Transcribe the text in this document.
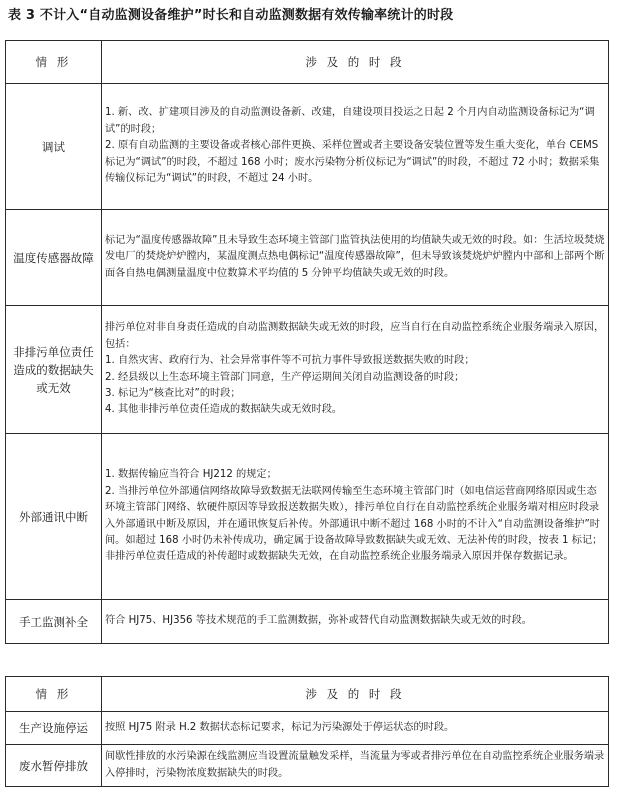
表 3 不计入“自动监测设备维护”时长和自动监测数据有效传输率统计的时段
情 形	涉 及 的 时 段
调试	1. 新、改、扩建项目涉及的自动监测设备新、改建，自建设项目投运之日起 2 个月内自动监测设备标记为“调试”的时段；
2. 原有自动监测的主要设备或者核心部件更换、采样位置或者主要设备安装位置等发生重大变化，单台 CEMS 标记为“调试”的时段，不超过 168 小时；废水污染物分析仪标记为“调试”的时段，不超过 72 小时；数据采集传输仪标记为“调试”的时段，不超过 24 小时。

温度传感器故障	标记为“温度传感器故障”且未导致生态环境主管部门监管执法使用的均值缺失或无效的时段。如：生活垃圾焚烧发电厂的焚烧炉炉膛内，某温度测点热电偶标记“温度传感器故障”，但未导致该焚烧炉炉膛内中部和上部两个断面各自热电偶测量温度中位数算术平均值的 5 分钟平均值缺失或无效的时段。

非排污单位责任造成的数据缺失或无效	排污单位对非自身责任造成的自动监测数据缺失或无效的时段，应当自行在自动监控系统企业服务端录入原因，包括：
1. 自然灾害、政府行为、社会异常事件等不可抗力事件导致报送数据失败的时段；
2. 经县级以上生态环境主管部门同意，生产停运期间关闭自动监测设备的时段；
3. 标记为“核查比对”的时段；
4. 其他非排污单位责任造成的数据缺失或无效时段。

外部通讯中断	1. 数据传输应当符合 HJ212 的规定；
2. 当排污单位外部通信网络故障导致数据无法联网传输至生态环境主管部门时（如电信运营商网络原因或生态环境主管部门网络、软硬件原因等导致报送数据失败），排污单位自行在自动监控系统企业服务端对相应时段录入外部通讯中断及原因，并在通讯恢复后补传。外部通讯中断不超过 168 小时的不计入“自动监测设备维护”时间。如超过 168 小时仍未补传成功，确定属于设备故障导致数据缺失或无效、无法补传的时段，按表 1 标记；非排污单位责任造成的补传超时或数据缺失无效，在自动监控系统企业服务端录入原因并保存数据记录。

手工监测补全	符合 HJ75、HJ356 等技术规范的手工监测数据，弥补或替代自动监测数据缺失或无效的时段。
情 形	涉 及 的 时 段
生产设施停运	按照 HJ75 附录 H.2 数据状态标记要求，标记为污染源处于停运状态的时段。

废水暂停排放	间歇性排放的水污染源在线监测应当设置流量触发采样，当流量为零或者排污单位在自动监控系统企业服务端录入停排时，污染物浓度数据缺失的时段。
